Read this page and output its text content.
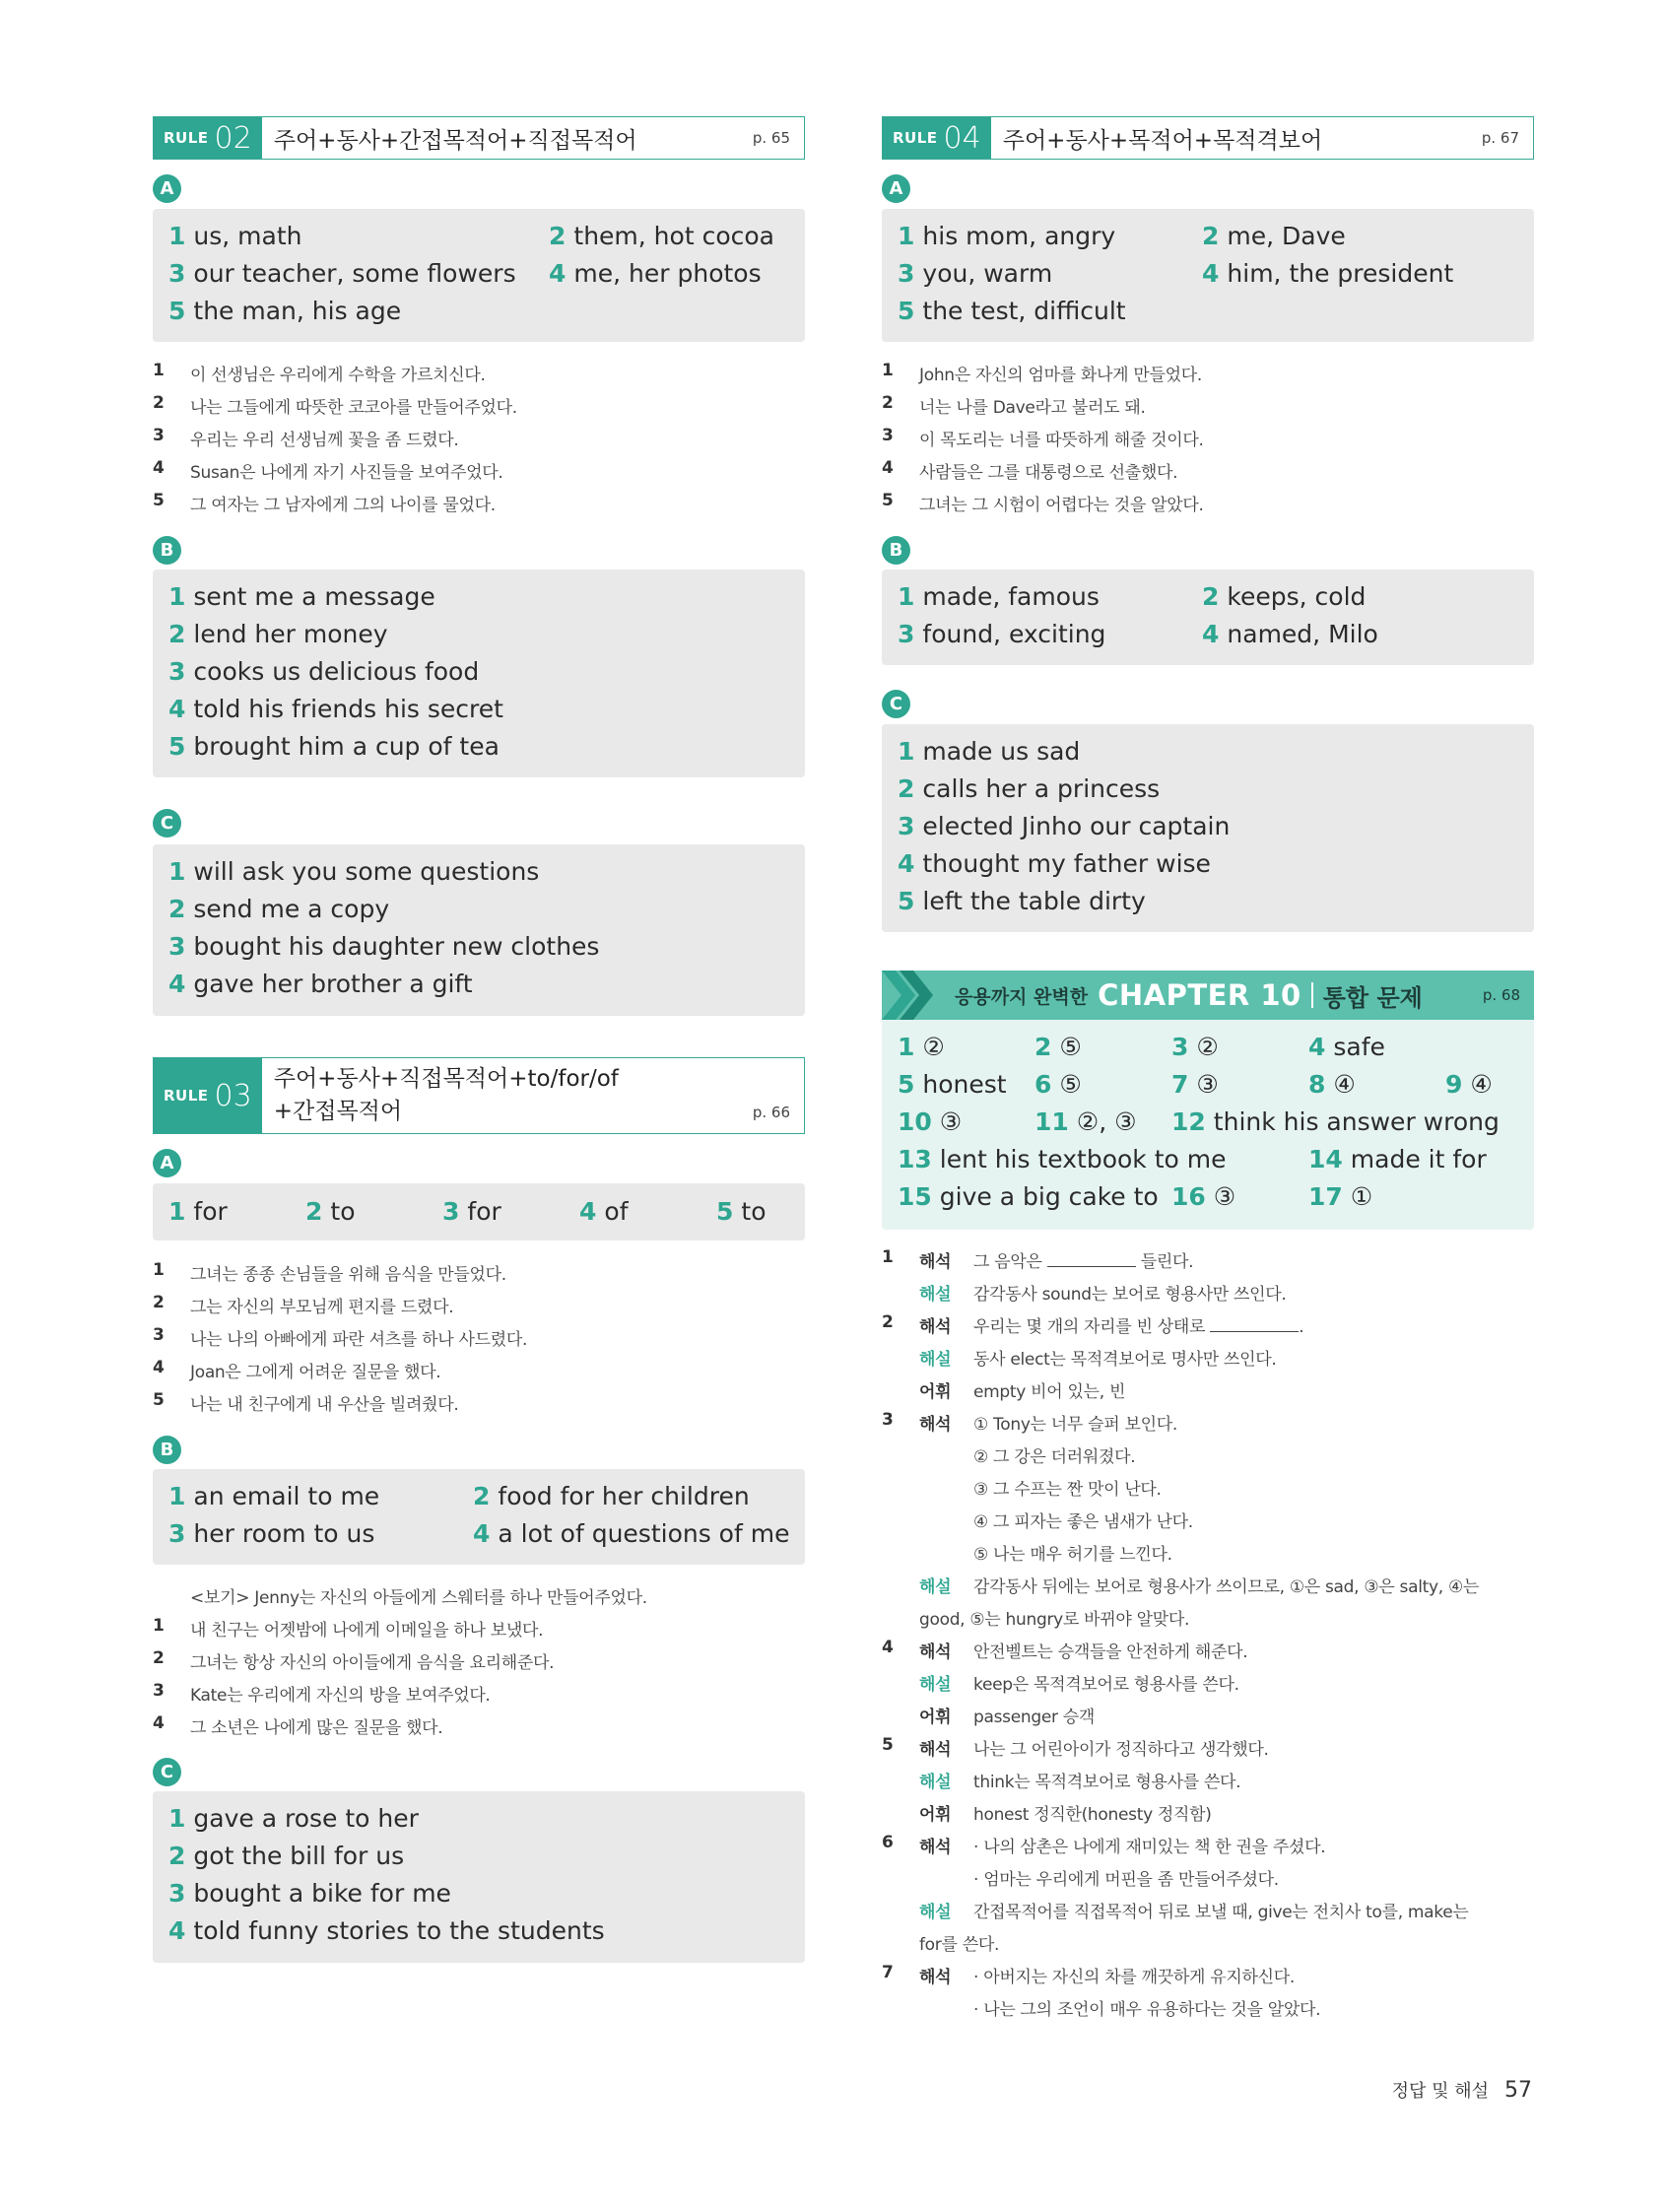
RULE 02 주어+동사+간접목적어+직접목적어	p. 65
A
1 us, math	2 them, hot cocoa
3 our teacher, some flowers 4 me, her photos
5 the man, his age
1 이 선생님은 우리에게 수학을 가르치신다.
2 나는 그들에게 따뜻한 코코아를 만들어주었다.
3 우리는 우리 선생님께 꽃을 좀 드렸다.
4 Susan은 나에게 자기 사진들을 보여주었다.
5 그 여자는 그 남자에게 그의 나이를 물었다.
B
1 sent me a message
2 lend her money
3 cooks us delicious food
4 told his friends his secret
5 brought him a cup of tea
C
1 will ask you some questions
2 send me a copy
3 bought his daughter new clothes
4 gave her brother a gift
RULE 03 주어+동사+직접목적어+to/for/of
+간접목적어	p. 66
A
1 for	2 to	3 for	4 of	5 to
1 그녀는 종종 손님들을 위해 음식을 만들었다.
2 그는 자신의 부모님께 편지를 드렸다.
3 나는 나의 아빠에게 파란 셔츠를 하나 사드렸다.
4 Joan은 그에게 어려운 질문을 했다.
5 나는 내 친구에게 내 우산을 빌려줬다.
B
1 an email to me	2 food for her children
3 her room to us	4 a lot of questions of me
<보기> Jenny는 자신의 아들에게 스웨터를 하나 만들어주었다.
1 내 친구는 어젯밤에 나에게 이메일을 하나 보냈다.
2 그녀는 항상 자신의 아이들에게 음식을 요리해준다.
3 Kate는 우리에게 자신의 방을 보여주었다.
4 그 소년은 나에게 많은 질문을 했다.
C
1 gave a rose to her
2 got the bill for us
3 bought a bike for me
4 told funny stories to the students
RULE 04 주어+동사+목적어+목적격보어	p. 67
A
1 his mom, angry	2 me, Dave
3 you, warm	4 him, the president
5 the test, difficult
1 John은 자신의 엄마를 화나게 만들었다.
2 너는 나를 Dave라고 불러도 돼.
3 이 목도리는 너를 따뜻하게 해줄 것이다.
4 사람들은 그를 대통령으로 선출했다.
5 그녀는 그 시험이 어렵다는 것을 알았다.
B
1 made, famous	2 keeps, cold
3 found, exciting	4 named, Milo
C
1 made us sad
2 calls her a princess
3 elected Jinho our captain
4 thought my father wise
5 left the table dirty
응용까지 완벽한 CHAPTER 10 통합 문제	p. 68
1 ②	2 ⑤	3 ②	4 safe
5 honest 6 ⑤	7 ③	8 ④	9 ④
10 ③	11 ②, ③ 12 think his answer wrong
13 lent his textbook to me	14 made it for
15 give a big cake to 16 ③	17 ①
1 해석 그 음악은	들린다.
해설 감각동사 sound는 보어로 형용사만 쓰인다.
2 해석 우리는 몇 개의 자리를 빈 상태로	.
해설 동사 elect는 목적격보어로 명사만 쓰인다.
어휘 empty 비어 있는, 빈
3 해석 ① Tony는 너무 슬퍼 보인다.
② 그 강은 더러워졌다.
③ 그 수프는 짠 맛이 난다.
④ 그 피자는 좋은 냄새가 난다.
⑤ 나는 매우 허기를 느낀다.
해설 감각동사 뒤에는 보어로 형용사가 쓰이므로, ①은 sad, ③은 salty, ④는
good, ⑤는 hungry로 바뀌야 알맞다.
4 해석 안전벨트는 승객들을 안전하게 해준다.
해설 keep은 목적격보어로 형용사를 쓴다.
어휘 passenger 승객
5 해석 나는 그 어린아이가 정직하다고 생각했다.
해설 think는 목적격보어로 형용사를 쓴다.
어휘 honest 정직한(honesty 정직함)
6 해석 · 나의 삼촌은 나에게 재미있는 책 한 권을 주셨다.
· 엄마는 우리에게 머핀을 좀 만들어주셨다.
해설 간접목적어를 직접목적어 뒤로 보낼 때, give는 전치사 to를, make는
for를 쓴다.
7 해석 · 아버지는 자신의 차를 깨끗하게 유지하신다.
· 나는 그의 조언이 매우 유용하다는 것을 알았다.
정답 및 해설 57
